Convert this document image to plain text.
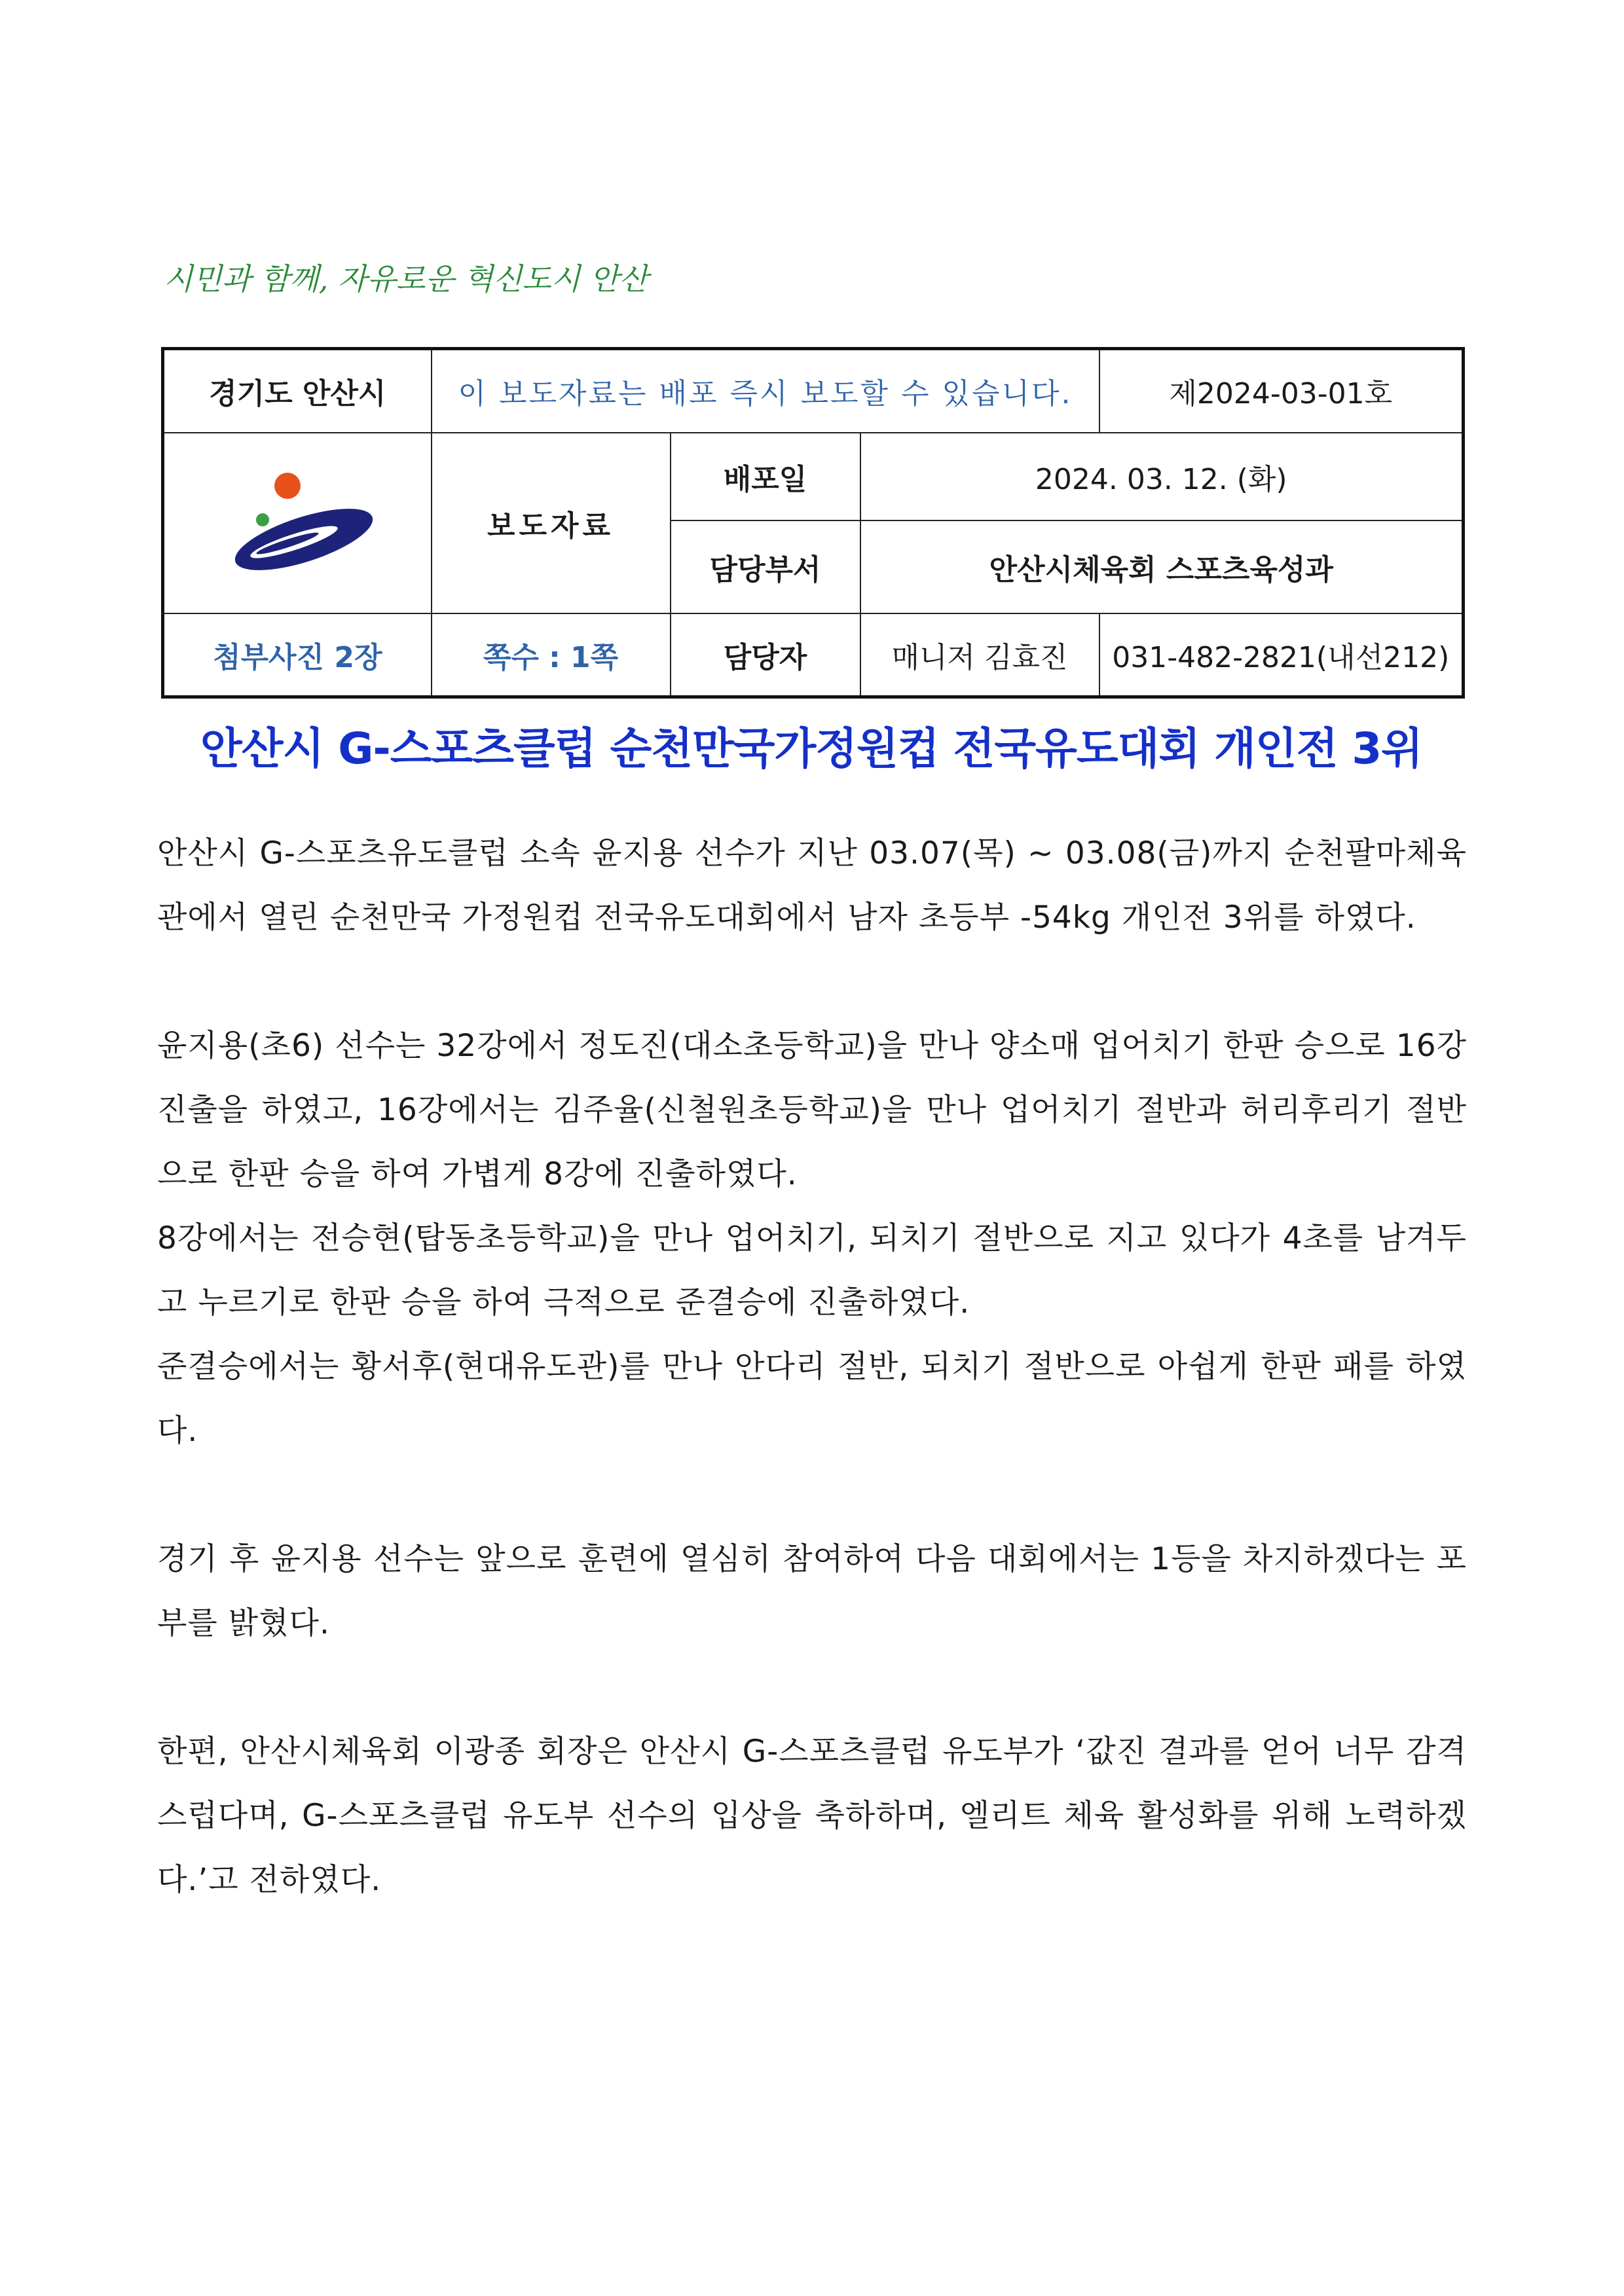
시민과 함께, 자유로운 혁신도시 안산
경기도 안산시	이 보도자료는 배포 즉시 보도할 수 있습니다.			제2024-03-01호

	보도자료	배포일	2024. 03. 12. (화)	
		담당부서	안산시체육회 스포츠육성과	
첨부사진 2장	쪽수 : 1쪽	담당자	매니저 김효진	031-482-2821(내선212)
안산시 G-스포츠클럽 순천만국가정원컵 전국유도대회 개인전 3위

안산시 G-스포츠유도클럽 소속 윤지용 선수가 지난 03.07(목) ~ 03.08(금)까지 순천팔마체육관에서 열린 순천만국 가정원컵 전국유도대회에서 남자 초등부 -54kg 개인전 3위를 하였다.

윤지용(초6) 선수는 32강에서 정도진(대소초등학교)을 만나 양소매 업어치기 한판 승으로 16강 진출을 하였고, 16강에서는 김주율(신철원초등학교)을 만나 업어치기 절반과 허리후리기 절반으로 한판 승을 하여 가볍게 8강에 진출하였다.

8강에서는 전승현(탑동초등학교)을 만나 업어치기, 되치기 절반으로 지고 있다가 4초를 남겨두고 누르기로 한판 승을 하여 극적으로 준결승에 진출하였다.

준결승에서는 황서후(현대유도관)를 만나 안다리 절반, 되치기 절반으로 아쉽게 한판 패를 하였다.

경기 후 윤지용 선수는 앞으로 훈련에 열심히 참여하여 다음 대회에서는 1등을 차지하겠다는 포부를 밝혔다.

한편, 안산시체육회 이광종 회장은 안산시 G-스포츠클럽 유도부가 ‘값진 결과를 얻어 너무 감격스럽다며, G-스포츠클럽 유도부 선수의 입상을 축하하며, 엘리트 체육 활성화를 위해 노력하겠다.’고 전하였다.
